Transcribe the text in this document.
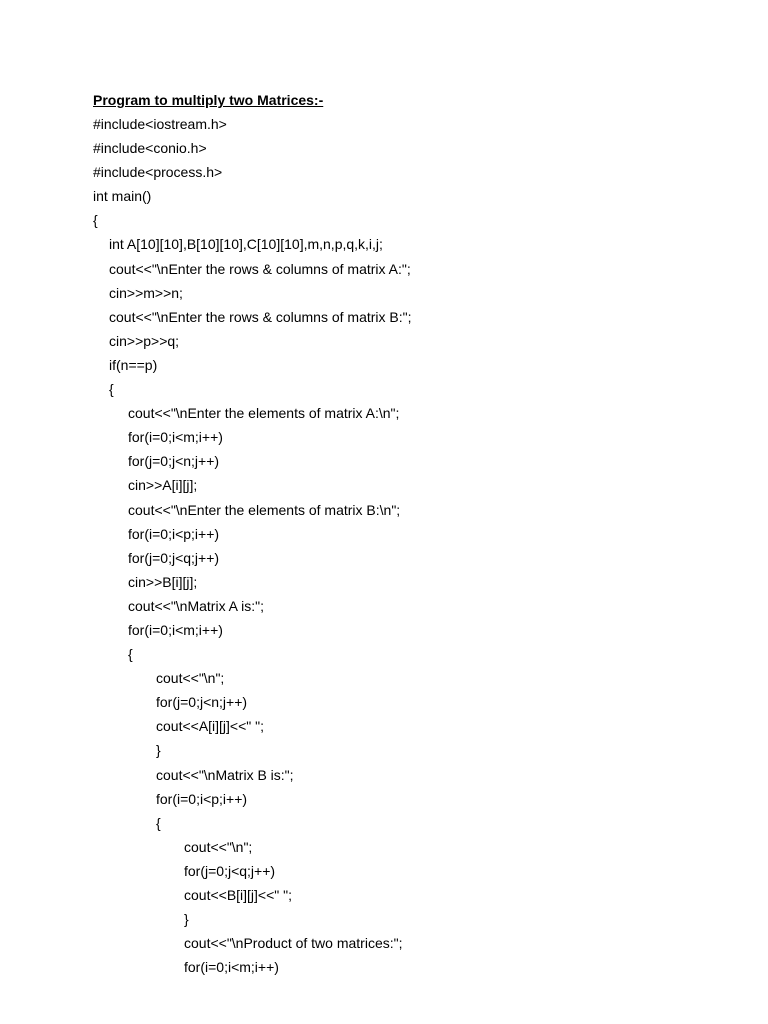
Program to multiply two Matrices:-
#include<iostream.h>
#include<conio.h>
#include<process.h>
int main()
{
int A[10][10],B[10][10],C[10][10],m,n,p,q,k,i,j;
cout<<"\nEnter the rows & columns of matrix A:";
cin>>m>>n;
cout<<"\nEnter the rows & columns of matrix B:";
cin>>p>>q;
if(n==p)
{
cout<<"\nEnter the elements of matrix A:\n";
for(i=0;i<m;i++)
for(j=0;j<n;j++)
cin>>A[i][j];
cout<<"\nEnter the elements of matrix B:\n";
for(i=0;i<p;i++)
for(j=0;j<q;j++)
cin>>B[i][j];
cout<<"\nMatrix A is:";
for(i=0;i<m;i++)
{
cout<<"\n";
for(j=0;j<n;j++)
cout<<A[i][j]<<" ";
}
cout<<"\nMatrix B is:";
for(i=0;i<p;i++)
{
cout<<"\n";
for(j=0;j<q;j++)
cout<<B[i][j]<<" ";
}
cout<<"\nProduct of two matrices:";
for(i=0;i<m;i++)
